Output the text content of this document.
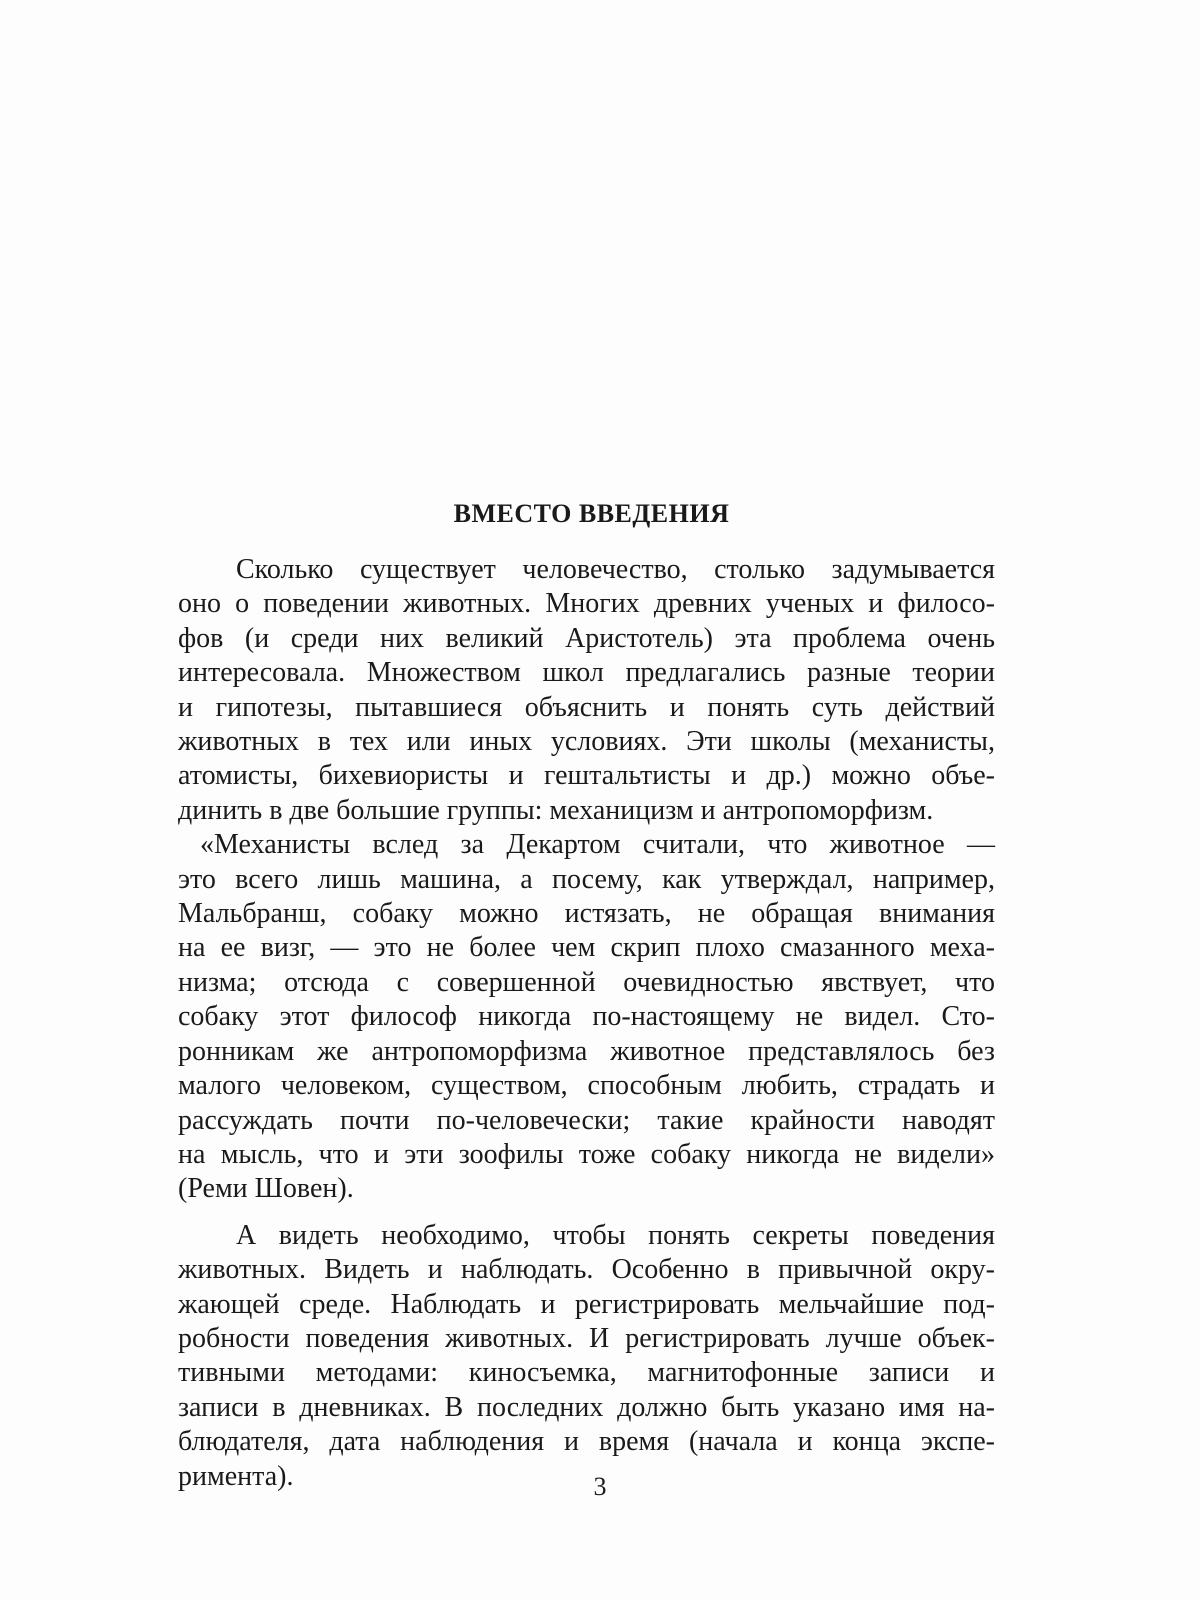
ВМЕСТО ВВЕДЕНИЯ

Сколько существует человечество, столько задумывается
оно о поведении животных. Многих древних ученых и филосо-
фов (и среди них великий Аристотель) эта проблема очень
интересовала. Множеством школ предлагались разные теории
и гипотезы, пытавшиеся объяснить и понять суть действий
животных в тех или иных условиях. Эти школы (механисты,
атомисты, бихевиористы и гештальтисты и др.) можно объе-
динить в две большие группы: механицизм и антропоморфизм.

«Механисты вслед за Декартом считали, что животное —
это всего лишь машина, а посему, как утверждал, например,
Мальбранш, собаку можно истязать, не обращая внимания
на ее визг, — это не более чем скрип плохо смазанного меха-
низма; отсюда с совершенной очевидностью явствует, что
собаку этот философ никогда по-настоящему не видел. Сто-
ронникам же антропоморфизма животное представлялось без
малого человеком, существом, способным любить, страдать и
рассуждать почти по-человечески; такие крайности наводят
на мысль, что и эти зоофилы тоже собаку никогда не видели»
(Реми Шовен).

А видеть необходимо, чтобы понять секреты поведения
животных. Видеть и наблюдать. Особенно в привычной окру-
жающей среде. Наблюдать и регистрировать мельчайшие под-
робности поведения животных. И регистрировать лучше объек-
тивными методами: киносъемка, магнитофонные записи и
записи в дневниках. В последних должно быть указано имя на-
блюдателя, дата наблюдения и время (начала и конца экспе-
римента).	3
